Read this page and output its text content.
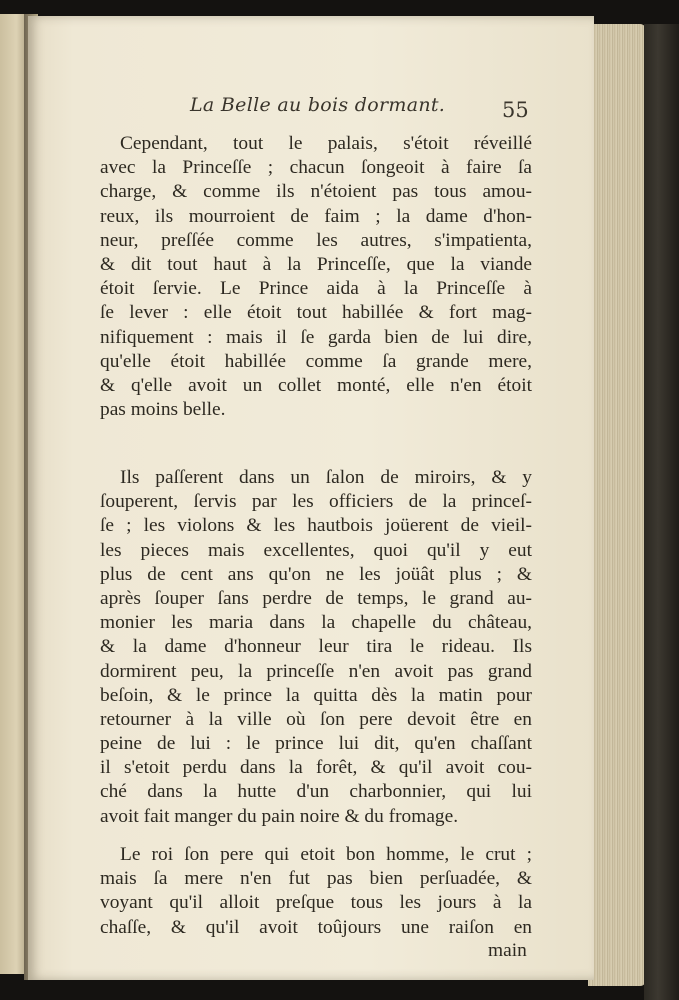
La Belle au bois dormant.	55
Cependant, tout le palais, s'étoit réveillé
avec la Princeſſe ; chacun ſongeoit à faire ſa
charge, & comme ils n'étoient pas tous amou-
reux, ils mourroient de faim ; la dame d'hon-
neur, preſſée comme les autres, s'impatienta,
& dit tout haut à la Princeſſe, que la viande
étoit ſervie. Le Prince aida à la Princeſſe à
ſe lever : elle étoit tout habillée & fort mag-
nifiquement : mais il ſe garda bien de lui dire,
qu'elle étoit habillée comme ſa grande mere,
& q'elle avoit un collet monté, elle n'en étoit
pas moins belle.
Ils paſſerent dans un ſalon de miroirs, & y
ſouperent, ſervis par les officiers de la princeſ-
ſe ; les violons & les hautbois joüerent de vieil-
les pieces mais excellentes, quoi qu'il y eut
plus de cent ans qu'on ne les joüât plus ; &
après ſouper ſans perdre de temps, le grand au-
monier les maria dans la chapelle du château,
& la dame d'honneur leur tira le rideau. Ils
dormirent peu, la princeſſe n'en avoit pas grand
beſoin, & le prince la quitta dès la matin pour
retourner à la ville où ſon pere devoit être en
peine de lui : le prince lui dit, qu'en chaſſant
il s'etoit perdu dans la forêt, & qu'il avoit cou-
ché dans la hutte d'un charbonnier, qui lui
avoit fait manger du pain noire & du fromage.
Le roi ſon pere qui etoit bon homme, le crut ;
mais ſa mere n'en fut pas bien perſuadée, &
voyant qu'il alloit preſque tous les jours à la
chaſſe, & qu'il avoit toûjours une raiſon en
main
